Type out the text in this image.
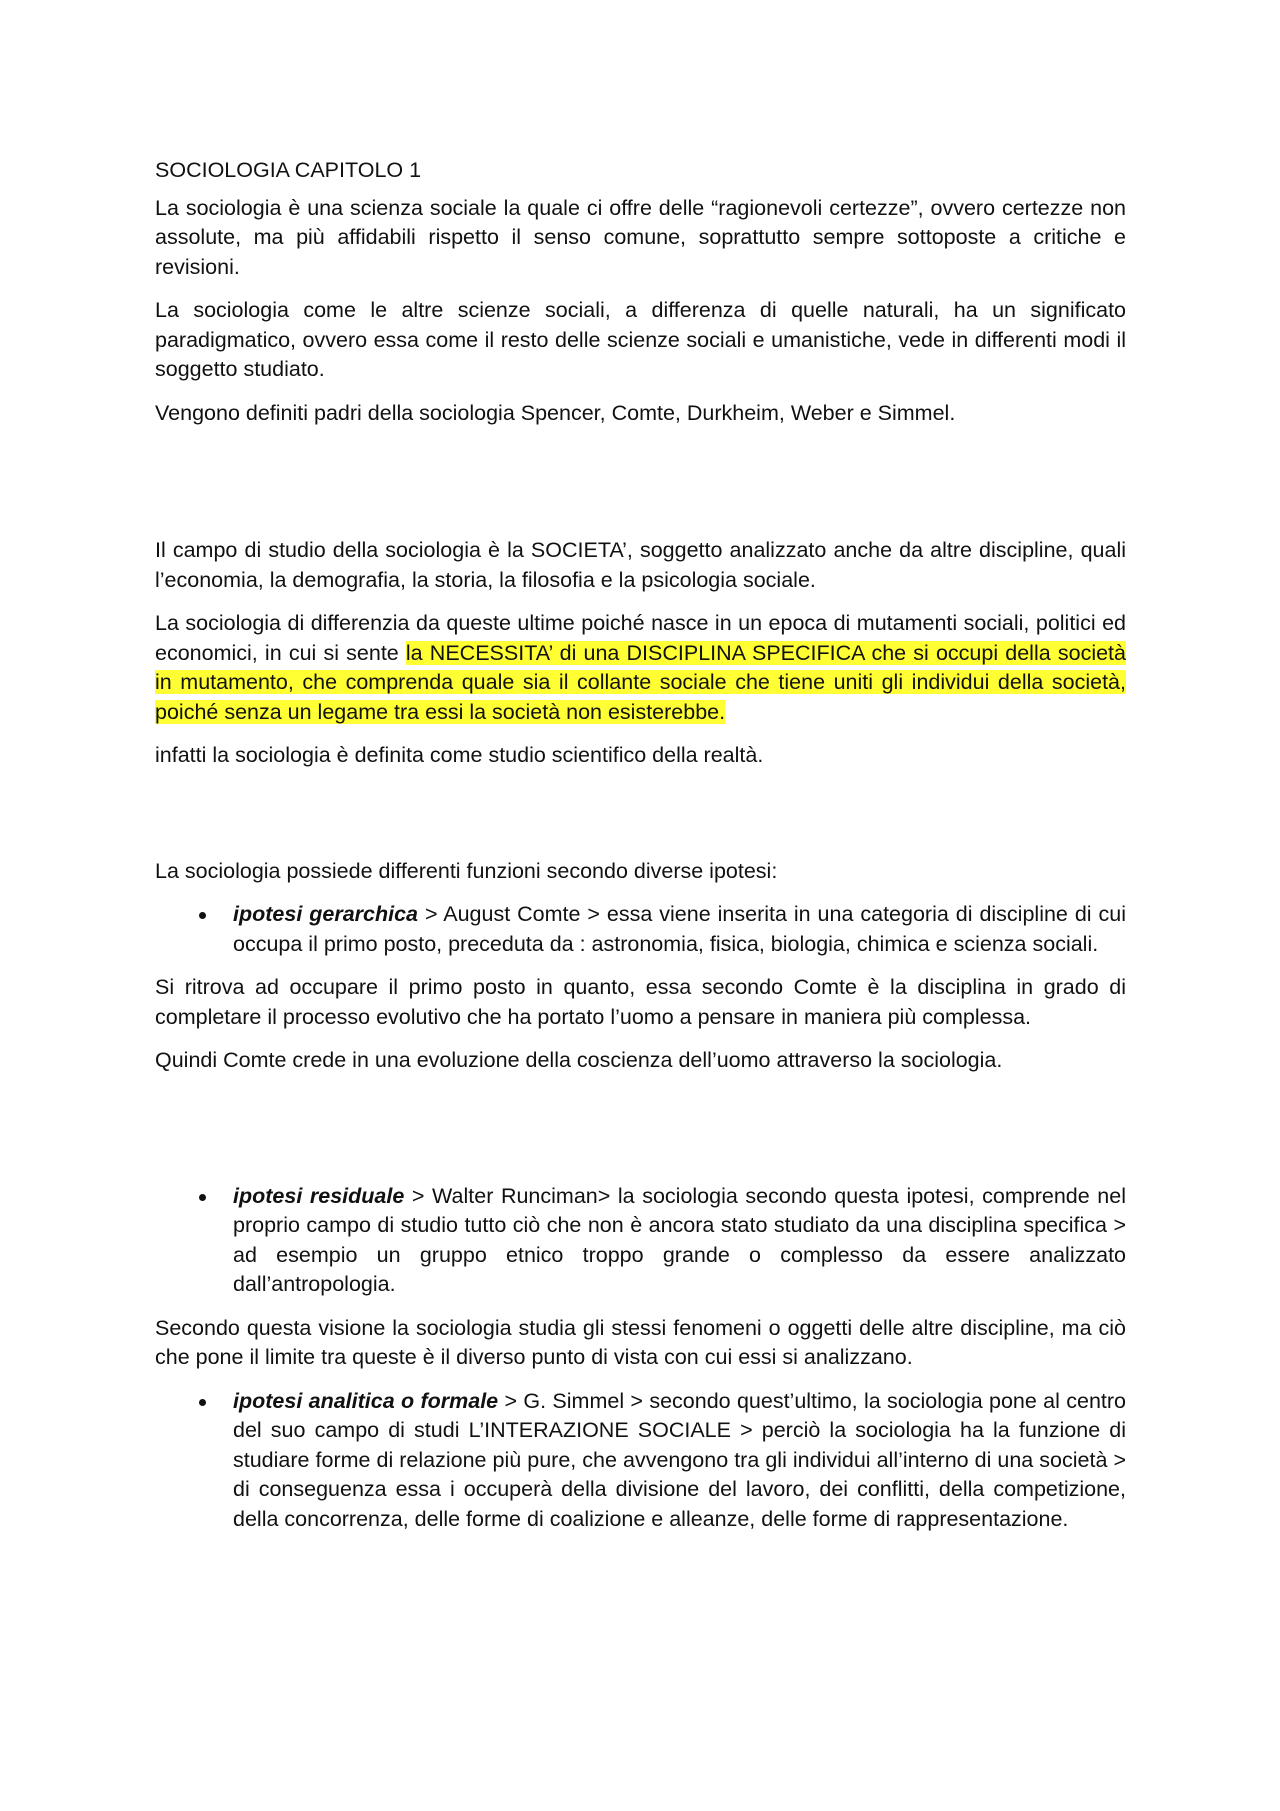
SOCIOLOGIA CAPITOLO 1

La sociologia è una scienza sociale la quale ci offre delle “ragionevoli certezze”, ovvero certezze non assolute, ma più affidabili rispetto il senso comune, soprattutto sempre sottoposte a critiche e revisioni.

La sociologia come le altre scienze sociali, a differenza di quelle naturali, ha un significato paradigmatico, ovvero essa come il resto delle scienze sociali e umanistiche, vede in differenti modi il soggetto studiato.

Vengono definiti padri della sociologia Spencer, Comte, Durkheim, Weber e Simmel.

Il campo di studio della sociologia è la SOCIETA’, soggetto analizzato anche da altre discipline, quali l’economia, la demografia, la storia, la filosofia e la psicologia sociale.

La sociologia di differenzia da queste ultime poiché nasce in un epoca di mutamenti sociali, politici ed economici, in cui si sente la NECESSITA’ di una DISCIPLINA SPECIFICA che si occupi della società in mutamento, che comprenda quale sia il collante sociale che tiene uniti gli individui della società, poiché senza un legame tra essi la società non esisterebbe.

infatti la sociologia è definita come studio scientifico della realtà.

La sociologia possiede differenti funzioni secondo diverse ipotesi:

ipotesi gerarchica > August Comte > essa viene inserita in una categoria di discipline di cui occupa il primo posto, preceduta da : astronomia, fisica, biologia, chimica e scienza sociali.

Si ritrova ad occupare il primo posto in quanto, essa secondo Comte è la disciplina in grado di completare il processo evolutivo che ha portato l’uomo a pensare in maniera più complessa.

Quindi Comte crede in una evoluzione della coscienza dell’uomo attraverso la sociologia.

ipotesi residuale > Walter Runciman> la sociologia secondo questa ipotesi, comprende nel proprio campo di studio tutto ciò che non è ancora stato studiato da una disciplina specifica > ad esempio un gruppo etnico troppo grande o complesso da essere analizzato dall’antropologia.

Secondo questa visione la sociologia studia gli stessi fenomeni o oggetti delle altre discipline, ma ciò che pone il limite tra queste è il diverso punto di vista con cui essi si analizzano.

ipotesi analitica o formale > G. Simmel > secondo quest’ultimo, la sociologia pone al centro del suo campo di studi L’INTERAZIONE SOCIALE > perciò la sociologia ha la funzione di studiare forme di relazione più pure, che avvengono tra gli individui all’interno di una società > di conseguenza essa i occuperà della divisione del lavoro, dei conflitti, della competizione, della concorrenza, delle forme di coalizione e alleanze, delle forme di rappresentazione.
